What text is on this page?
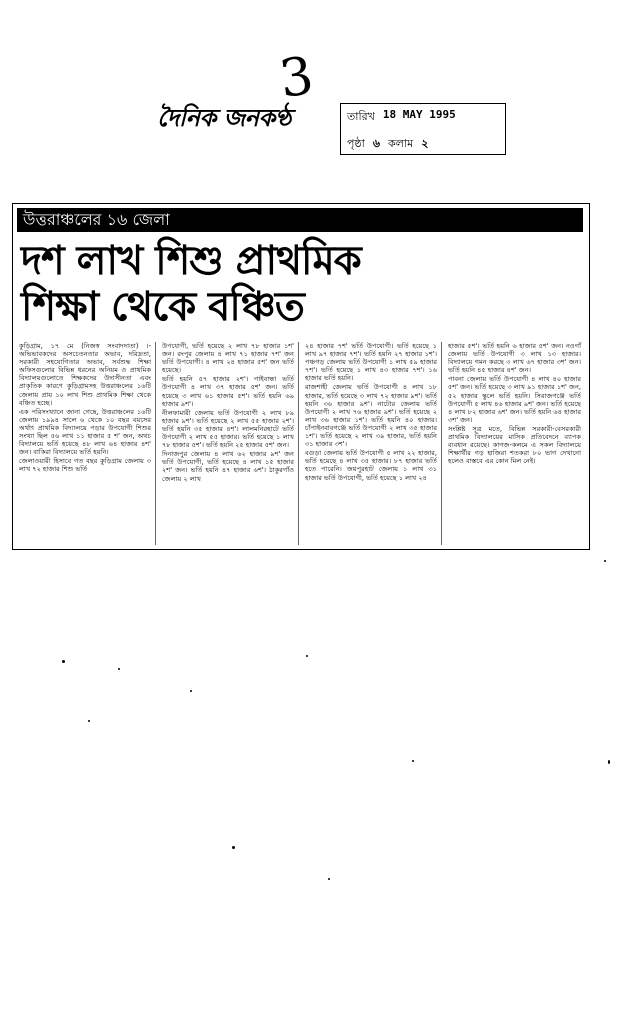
3
দৈনিক জনকণ্ঠ	তারিখ 18 MAY 1995
পৃষ্ঠা ৬ কলাম ২
উত্তরাঞ্চলের ১৬ জেলা
দশ লাখ শিশু প্রাথমিক
শিক্ষা থেকে বঞ্চিত

কুড়িগ্রাম, ১৭ মে (নিজস্ব সংবাদদাতা) ।- অভিভাবকদের অসচেতনতার অভাব, দরিদ্রতা, সরকারী সহযোগিতার অভাব, সর্বশুদ্ধ শিক্ষা অফিসগুলোর বিভিন্ন ধরনের অনিয়ম ও প্রাথমিক বিদ্যালয়গুলোতে শিক্ষকদের উদাসীনতা এবং প্রাকৃতিক কারণে কুড়িগ্রামসহ উত্তরাঞ্চলের ১৬টি জেলায় প্রায় ১০ লাখ শিশু প্রাথমিক শিক্ষা থেকে বঞ্চিত হচ্ছে।

এক পরিসংখ্যানে জানা গেছে, উত্তরাঞ্চলের ১৬টি জেলায় ১৯৯৪ সালে ৬ থেকে ১০ বছর বয়সের অর্থাৎ প্রাথমিক বিদ্যালয়ে পড়ার উপযোগী শিশুর সংখ্যা ছিল ৫৬ লাখ ১১ হাজার ৫ শ' জন, অথচ বিদ্যালয়ে ভর্তি হয়েছে ৪৮ লাখ ৬৪ হাজার ৪শ' জন। বাকিরা বিদ্যালয়ে ভর্তি হয়নি।

জেলাওয়ারী হিসাবে গত বছর কুড়িগ্রাম জেলায় ৩ লাখ ৭২ হাজার শিশু ভর্তি

উপযোগী, ভর্তি হয়েছে ২ লাখ ৭৮ হাজার ১শ' জন। রংপুর জেলায় ৪ লাখ ৭১ হাজার ৭শ' জন ভর্তি উপযোগী। ৪ লাখ ২৪ হাজার ৫শ' জন ভর্তি হয়েছে।

ভর্তি হয়নি ৫৭ হাজার ২শ'। গাইবান্ধা ভর্তি উপযোগী ৪ লাখ ৩৭ হাজার ৫শ' জন। ভর্তি হয়েছে ৩ লাখ ৬১ হাজার ৫শ'। ভর্তি হয়নি ৬৯ হাজার ৯শ'।

নীলফামারী জেলায় ভর্তি উপযোগী ২ লাখ ৮৯ হাজার ৯শ'। ভর্তি হয়েছে ২ লাখ ৫৫ হাজার ২শ'। ভর্তি হয়নি ৩৫ হাজার ৪শ'। লালমনিরহাটে ভর্তি উপযোগী ২ লাখ ৫৫ হাজার। ভর্তি হয়েছে ১ লাখ ৭৮ হাজার ৫শ'। ভর্তি হয়নি ২৫ হাজার ৫শ' জন।

দিনাজপুর জেলায় ৪ লাখ ৬২ হাজার ৯শ' জন ভর্তি উপযোগী, ভর্তি হয়েছে ৪ লাখ ১৫ হাজার ২শ' জন। ভর্তি হয়নি ৪৭ হাজার ৬শ'। ঠাকুরগাঁও জেলায় ২ লাখ

২৪ হাজার ৭শ' ভর্তি উপযোগী। ভর্তি হয়েছে ১ লাখ ৯৭ হাজার ৭শ'। ভর্তি হয়নি ২৭ হাজার ১শ'। পঞ্চগড় জেলায় ভর্তি উপযোগী ১ লাখ ৫৯ হাজার ৭শ'। ভর্তি হয়েছে ১ লাখ ৪৩ হাজার ৭শ'। ১৬ হাজার ভর্তি হয়নি।

রাজশাহী জেলায় ভর্তি উপযোগী ৪ লাখ ১৮ হাজার, ভর্তি হয়েছে ৩ লাখ ৭২ হাজার ৯শ'। ভর্তি হয়নি ৩৬ হাজার ৯শ'। নাটোর জেলায় ভর্তি উপযোগী ২ লাখ ৭৬ হাজার ৯শ'। ভর্তি হয়েছে ২ লাখ ৩৬ হাজার ১শ'। ভর্তি হয়নি ৪০ হাজার। চাঁপাইনবাবগঞ্জে ভর্তি উপযোগী ২ লাখ ৩৫ হাজার ১শ'। ভর্তি হয়েছে ২ লাখ ৩৯ হাজার, ভর্তি হয়নি ৩১ হাজার ৩শ'।

বগুড়া জেলায় ভর্তি উপযোগী ৫ লাখ ২২ হাজার, ভর্তি হয়েছে ৪ লাখ ৩৫ হাজার। ৮৭ হাজার ভর্তি হতে পারেনি। জয়পুরহাট জেলায় ১ লাখ ৩১ হাজার ভর্তি উপযোগী, ভর্তি হয়েছে ১ লাখ ২৪

হাজার ৫শ'। ভর্তি হয়নি ৬ হাজার ৫শ' জন। নওগাঁ জেলায় ভর্তি উপযোগী ৩ লাখ ১৩ হাজার। বিদ্যালয়ে গমন করছে ৩ লাখ ৬৭ হাজার ৩শ' জন। ভর্তি হয়নি ৪৫ হাজার ৪শ' জন।

পাবনা জেলায় ভর্তি উপযোগী ৪ লাখ ৪০ হাজার ৫শ' জন। ভর্তি হয়েছে ৩ লাখ ৯১ হাজার ১শ' জন, ৫২ হাজার স্কুলে ভর্তি হয়নি। সিরাজগঞ্জে ভর্তি উপযোগী ৫ লাখ ৪৬ হাজার ৯শ' জন। ভর্তি হয়েছে ৪ লাখ ৮২ হাজার ৬শ' জন। ভর্তি হয়নি ৬৪ হাজার ৩শ' জন।

সংশ্লিষ্ট সূত্র মতে, বিভিন্ন সরকারী-বেসরকারী প্রাথমিক বিদ্যালয়ের মাসিক প্রতিবেদনে ব্যাপক ব্যবধান রয়েছে। কাগজ-কলমে এ সকল বিদ্যালয়ে শিক্ষার্থীর গড় হাজিরা শতকরা ৮০ ভাগ দেখানো হলেও বাস্তবে এর কোন মিল নেই।
